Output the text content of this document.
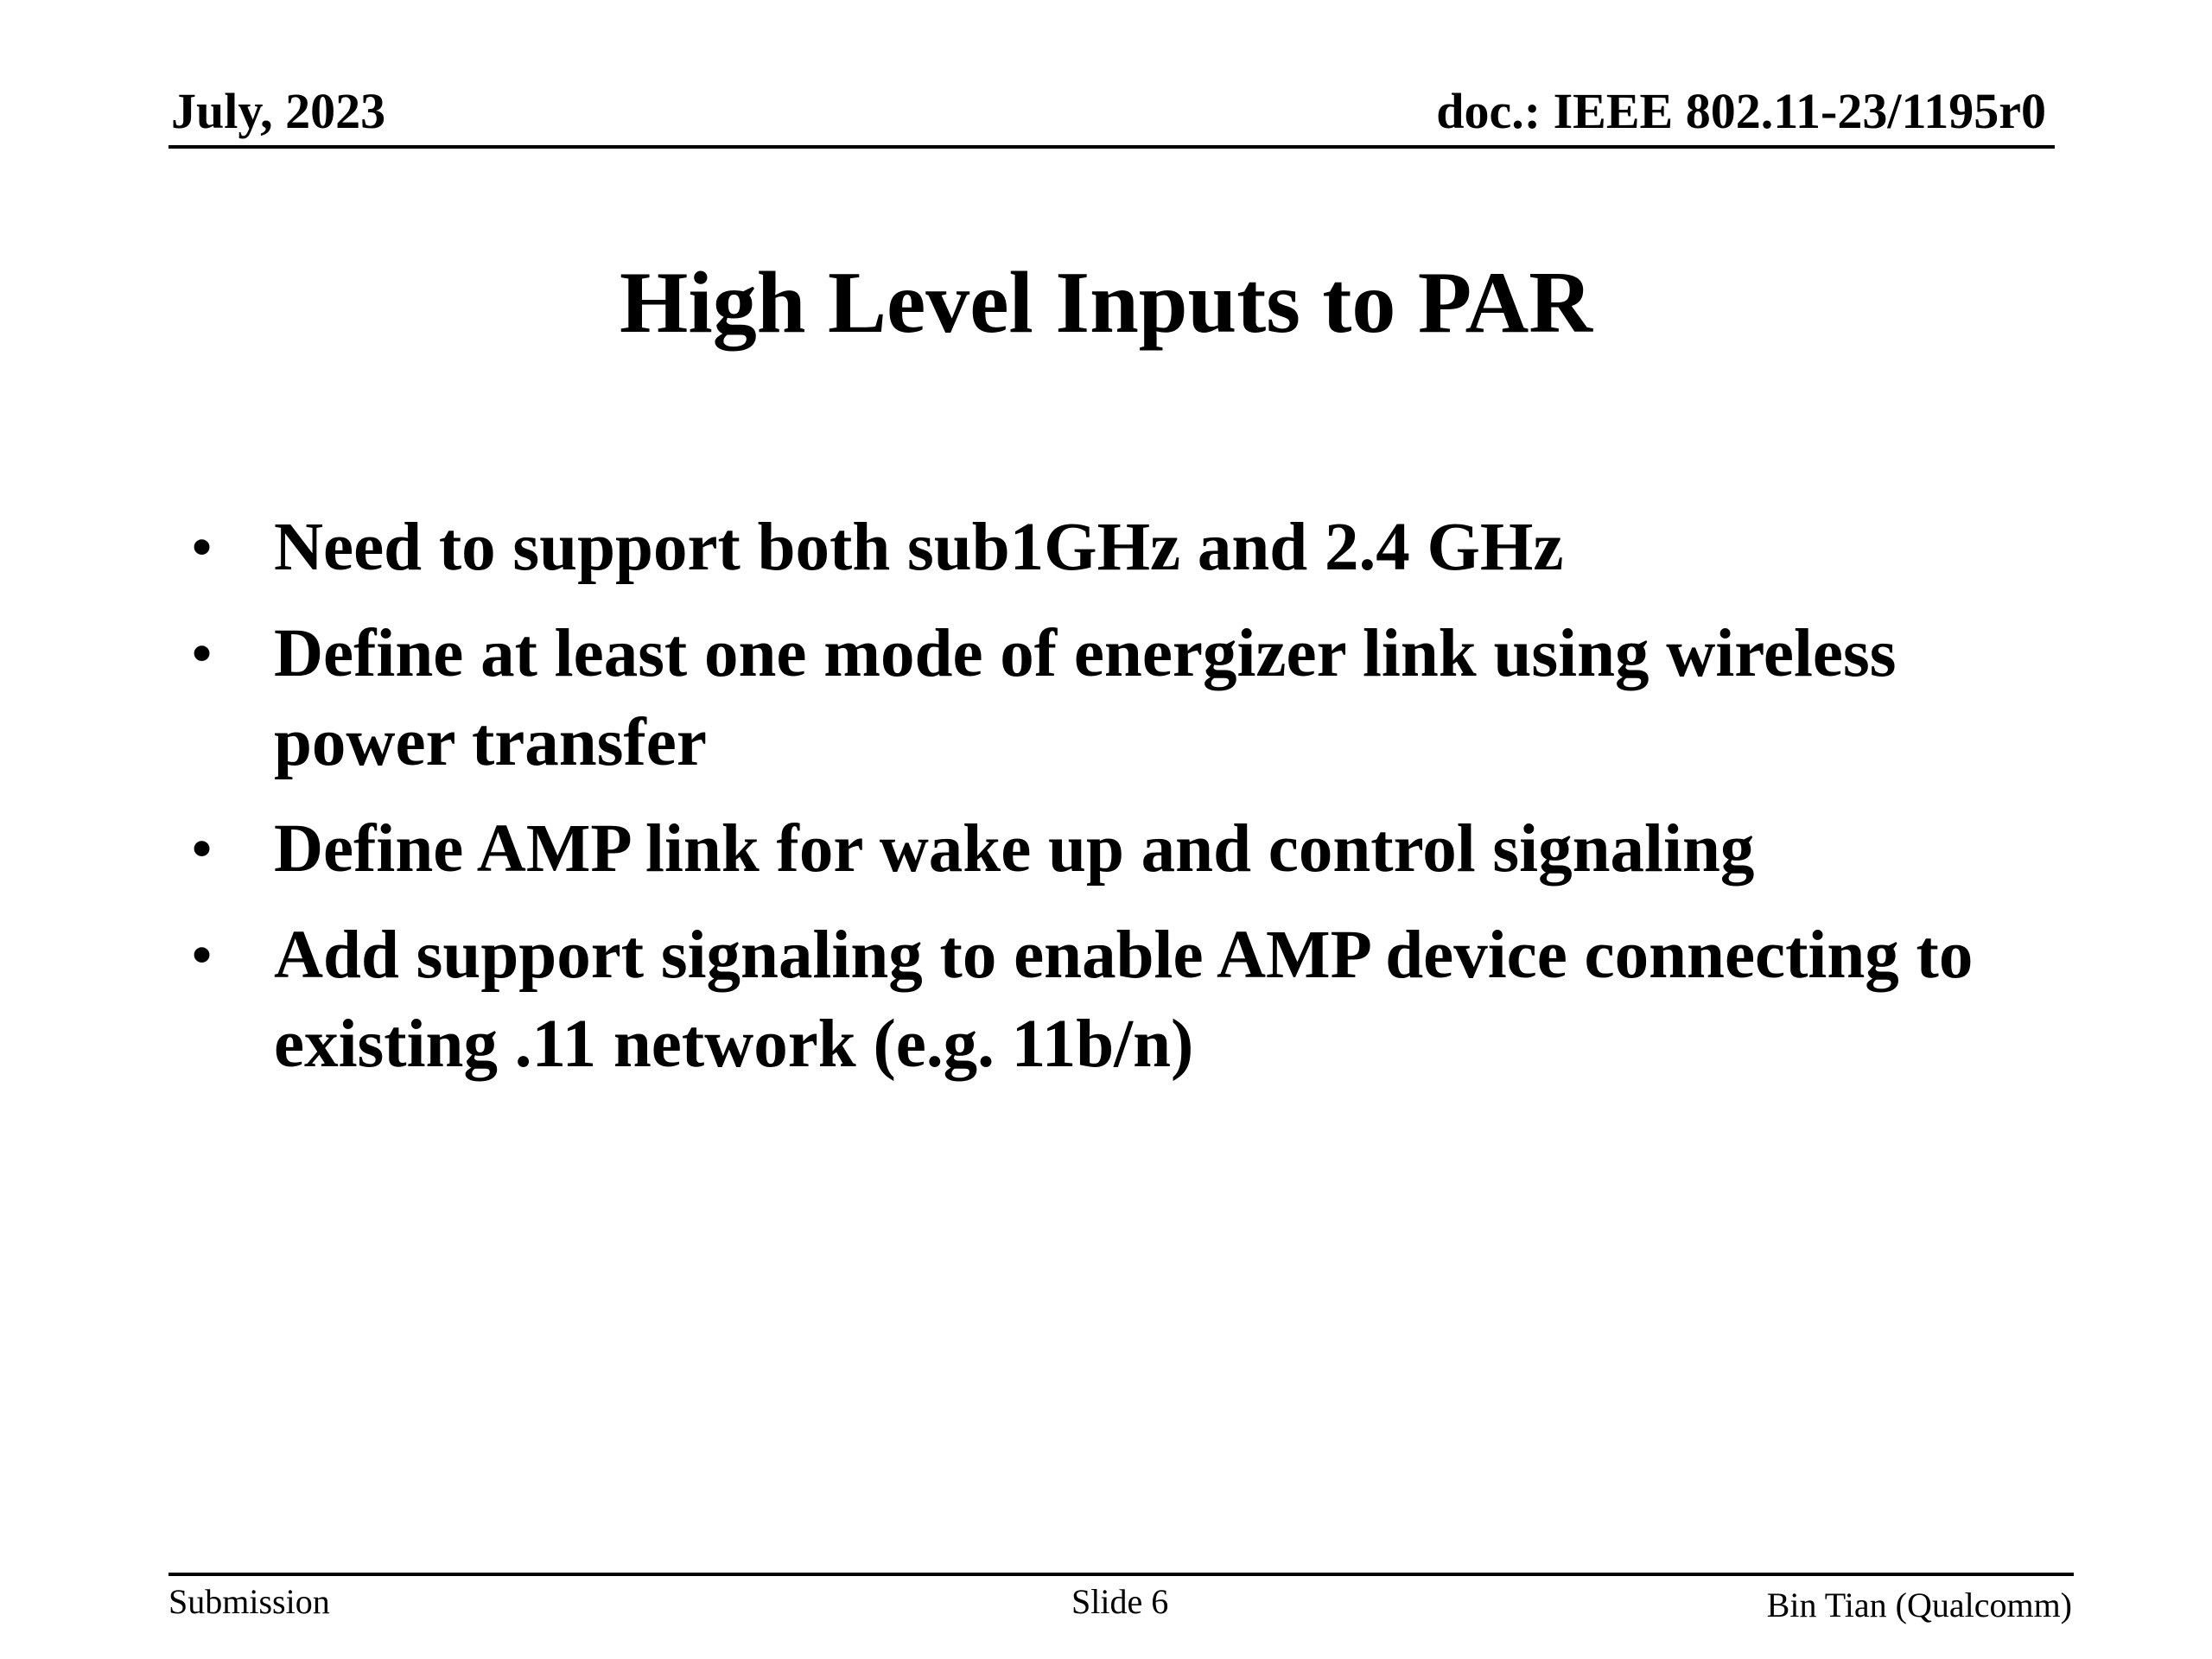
July, 2023	doc.: IEEE 802.11-23/1195r0
High Level Inputs to PAR
• Need to support both sub1GHz and 2.4 GHz
• Define at least one mode of energizer link using wireless power transfer
• Define AMP link for wake up and control signaling
• Add support signaling to enable AMP device connecting to existing .11 network (e.g. 11b/n)
Submission	Slide 6	Bin Tian (Qualcomm)
